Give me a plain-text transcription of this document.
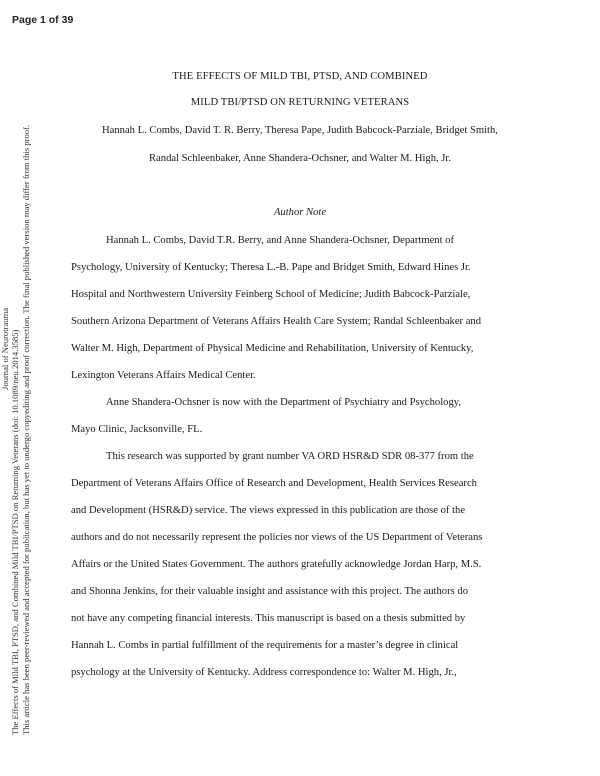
Page 1 of 39
Journal of Neurotrauma The Effects of Mild TBI, PTSD, and Combined Mild TBI/PTSD on Returning Veterans (doi: 10.1089/neu.2014.3585) This article has been peer-reviewed and accepted for publication, but has yet to undergo copyediting and proof correction. The final published version may differ from this proof.
THE EFFECTS OF MILD TBI, PTSD, AND COMBINED
MILD TBI/PTSD ON RETURNING VETERANS
Hannah L. Combs, David T. R. Berry, Theresa Pape, Judith Babcock-Parziale, Bridget Smith,
Randal Schleenbaker, Anne Shandera-Ochsner, and Walter M. High, Jr.
Author Note
Hannah L. Combs, David T.R. Berry, and Anne Shandera-Ochsner, Department of
Psychology, University of Kentucky; Theresa L.-B. Pape and Bridget Smith, Edward Hines Jr.
Hospital and Northwestern University Feinberg School of Medicine; Judith Babcock-Parziale,
Southern Arizona Department of Veterans Affairs Health Care System; Randal Schleenbaker and
Walter M. High, Department of Physical Medicine and Rehabilitation, University of Kentucky,
Lexington Veterans Affairs Medical Center.
Anne Shandera-Ochsner is now with the Department of Psychiatry and Psychology,
Mayo Clinic, Jacksonville, FL.
This research was supported by grant number VA ORD HSR&D SDR 08-377 from the
Department of Veterans Affairs Office of Research and Development, Health Services Research
and Development (HSR&D) service. The views expressed in this publication are those of the
authors and do not necessarily represent the policies nor views of the US Department of Veterans
Affairs or the United States Government. The authors gratefully acknowledge Jordan Harp, M.S.
and Shonna Jenkins, for their valuable insight and assistance with this project. The authors do
not have any competing financial interests. This manuscript is based on a thesis submitted by
Hannah L. Combs in partial fulfillment of the requirements for a master’s degree in clinical
psychology at the University of Kentucky. Address correspondence to: Walter M. High, Jr.,
